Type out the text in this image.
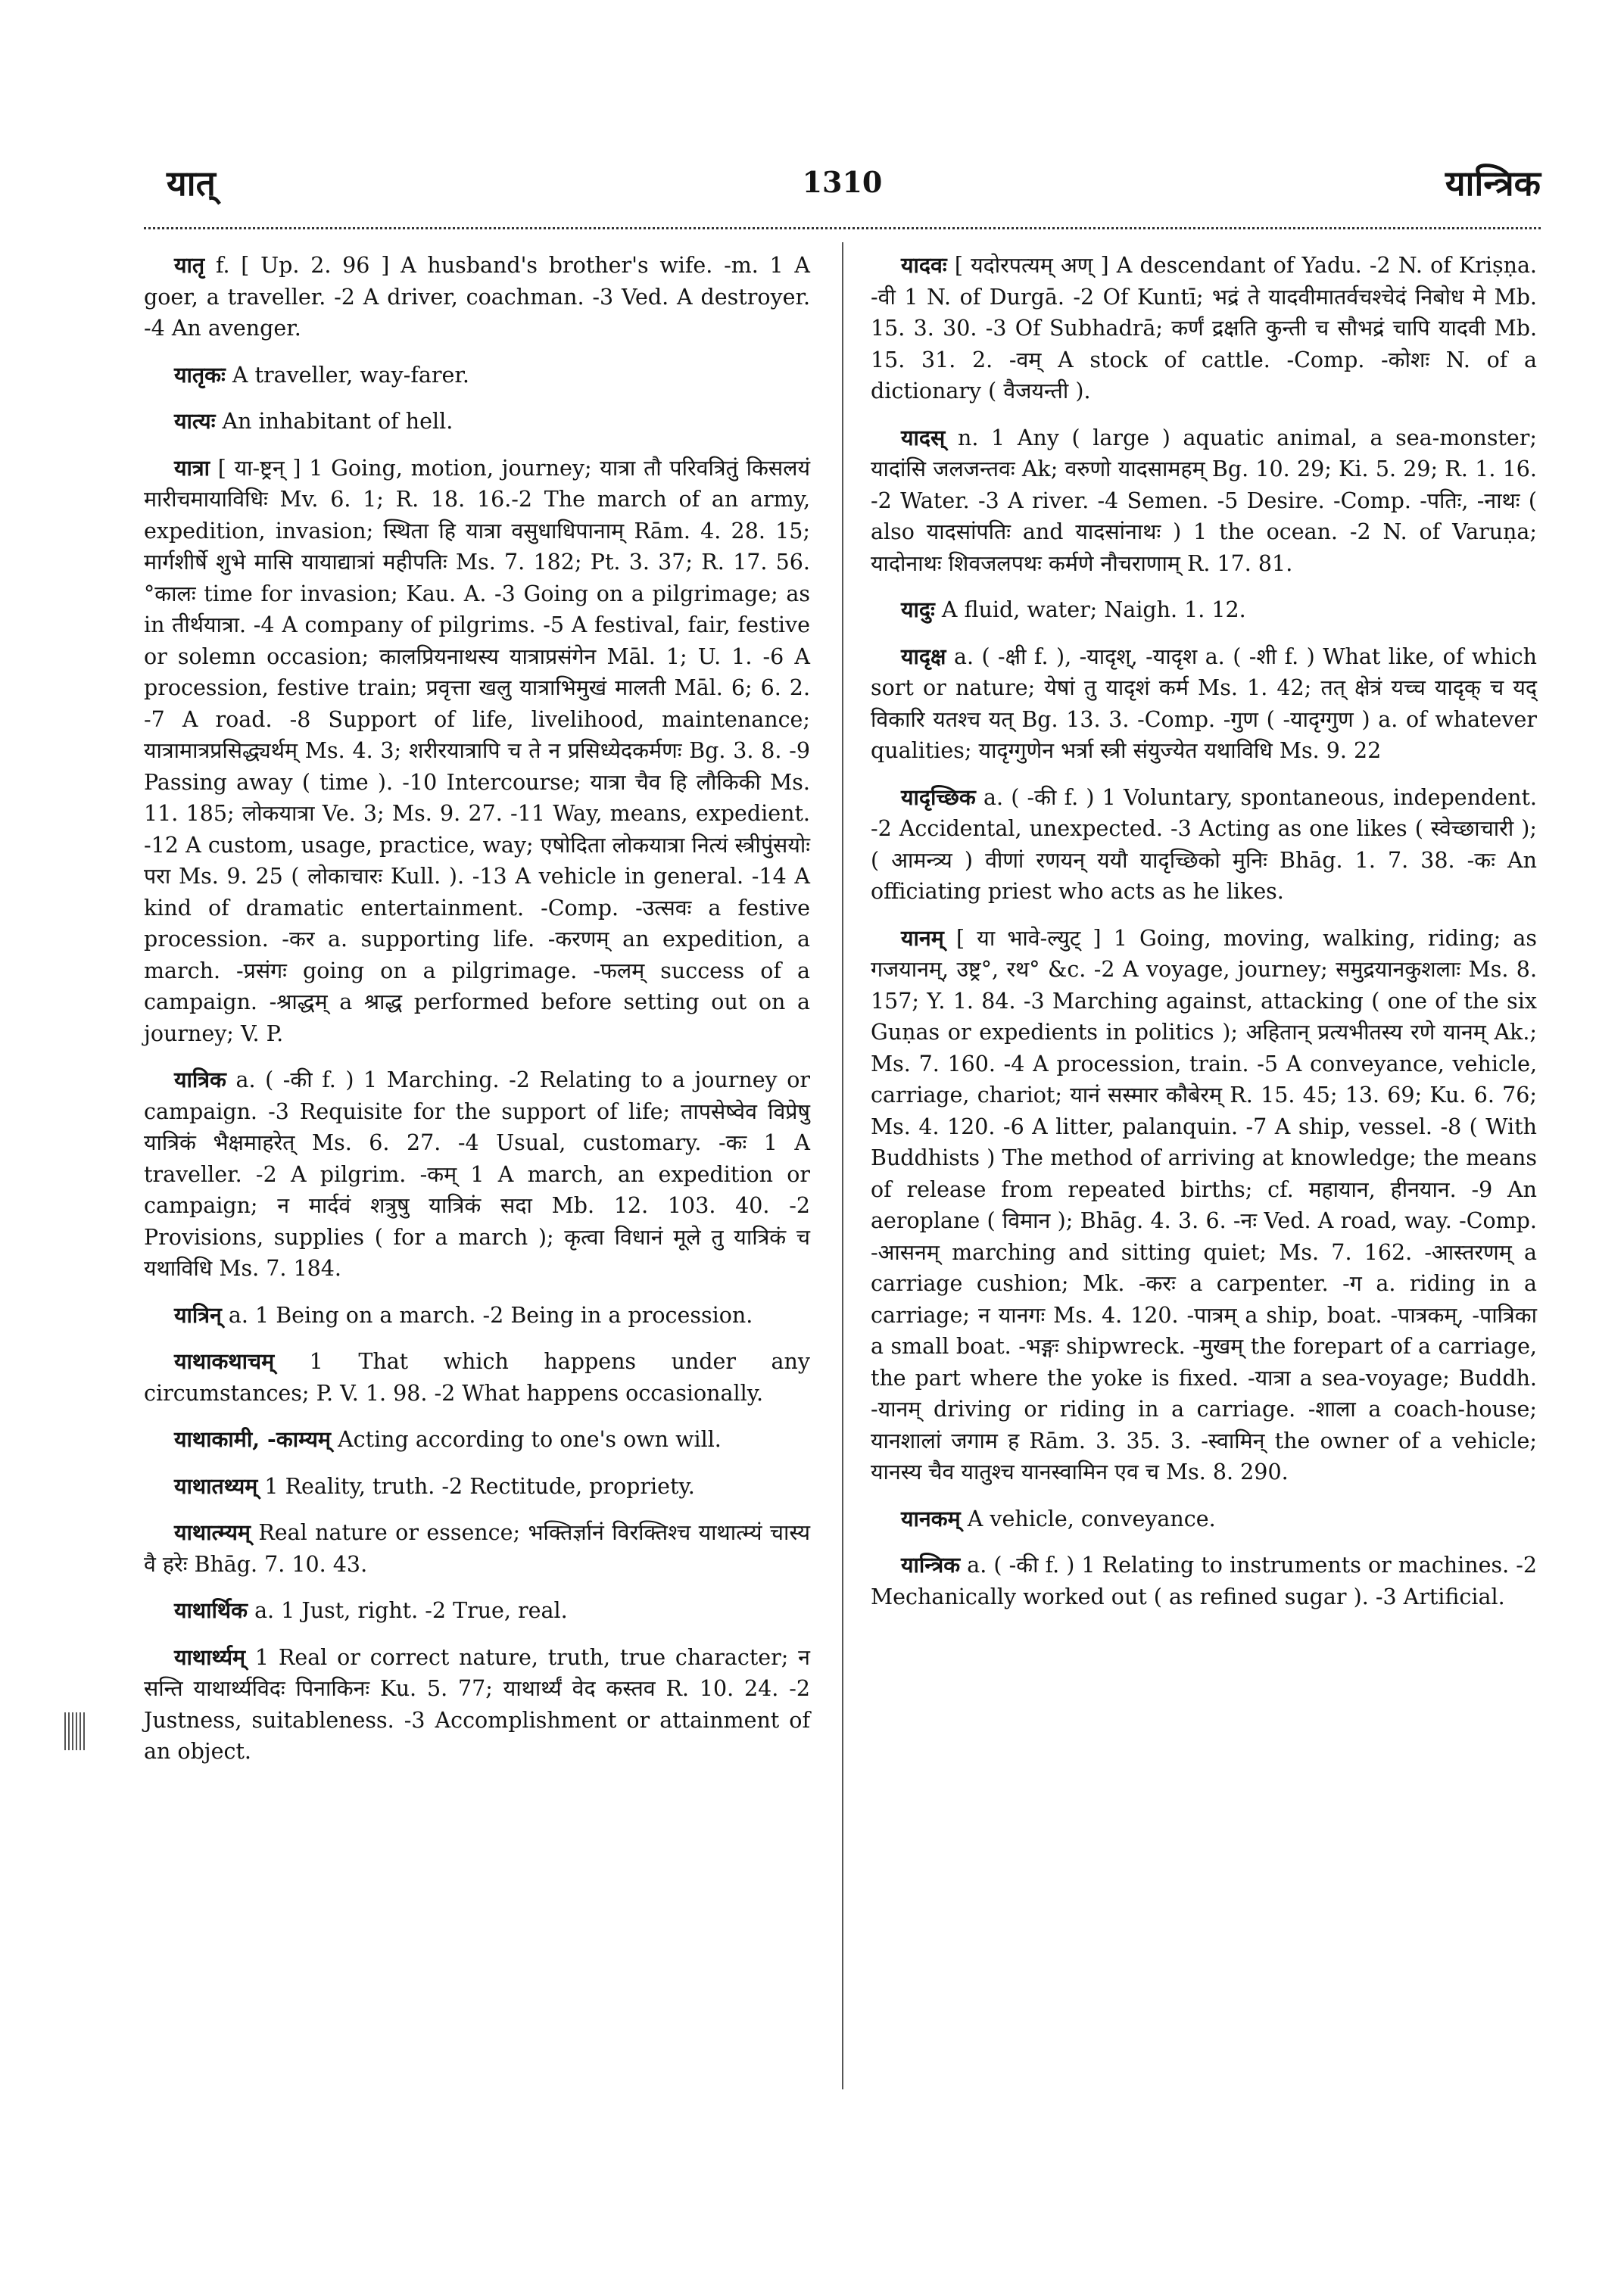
यात्	1310	यान्त्रिक

यातृ f. [ Up. 2. 96 ] A husband's brother's wife. -m. 1 A goer, a traveller. -2 A driver, coachman. -3 Ved. A destroyer. -4 An avenger.

यातृकः A traveller, way-farer.

यात्यः An inhabitant of hell.

यात्रा [ या-ष्ट्रन् ] 1 Going, motion, journey; यात्रा तौ परिवत्रितुं किसलयं मारीचमायाविधिः Mv. 6. 1; R. 18. 16.-2 The march of an army, expedition, invasion; स्थिता हि यात्रा वसुधाधिपानाम् Rām. 4. 28. 15; मार्गशीर्षे शुभे मासि यायाद्यात्रां महीपतिः Ms. 7. 182; Pt. 3. 37; R. 17. 56. °कालः time for invasion; Kau. A. -3 Going on a pilgrimage; as in तीर्थयात्रा. -4 A company of pilgrims. -5 A festival, fair, festive or solemn occasion; कालप्रियनाथस्य यात्राप्रसंगेन Māl. 1; U. 1. -6 A procession, festive train; प्रवृत्ता खलु यात्राभिमुखं मालती Māl. 6; 6. 2. -7 A road. -8 Support of life, livelihood, maintenance; यात्रामात्रप्रसिद्ध्यर्थम् Ms. 4. 3; शरीरयात्रापि च ते न प्रसिध्येदकर्मणः Bg. 3. 8. -9 Passing away ( time ). -10 Intercourse; यात्रा चैव हि लौकिकी Ms. 11. 185; लोकयात्रा Ve. 3; Ms. 9. 27. -11 Way, means, expedient. -12 A custom, usage, practice, way; एषोदिता लोकयात्रा नित्यं स्त्रीपुंसयोः परा Ms. 9. 25 ( लोकाचारः Kull. ). -13 A vehicle in general. -14 A kind of dramatic entertainment. -Comp. -उत्सवः a festive procession. -कर a. supporting life. -करणम् an expedition, a march. -प्रसंगः going on a pilgrimage. -फलम् success of a campaign. -श्राद्धम् a श्राद्ध performed before setting out on a journey; V. P.

यात्रिक a. ( -की f. ) 1 Marching. -2 Relating to a journey or campaign. -3 Requisite for the support of life; तापसेष्वेव विप्रेषु यात्रिकं भैक्षमाहरेत् Ms. 6. 27. -4 Usual, customary. -कः 1 A traveller. -2 A pilgrim. -कम् 1 A march, an expedition or campaign; न मार्दवं शत्रुषु यात्रिकं सदा Mb. 12. 103. 40. -2 Provisions, supplies ( for a march ); कृत्वा विधानं मूले तु यात्रिकं च यथाविधि Ms. 7. 184.

यात्रिन् a. 1 Being on a march. -2 Being in a procession.

याथाकथाचम् 1 That which happens under any circumstances; P. V. 1. 98. -2 What happens occasionally.

याथाकामी, -काम्यम् Acting according to one's own will.

याथातथ्यम् 1 Reality, truth. -2 Rectitude, propriety.

याथात्म्यम् Real nature or essence; भक्तिर्ज्ञानं विरक्तिश्च याथात्म्यं चास्य वै हरेः Bhāg. 7. 10. 43.

याथार्थिक a. 1 Just, right. -2 True, real.

याथार्थ्यम् 1 Real or correct nature, truth, true character; न सन्ति याथार्थ्यविदः पिनाकिनः Ku. 5. 77; याथार्थ्यं वेद कस्तव R. 10. 24. -2 Justness, suitableness. -3 Accomplishment or attainment of an object.

यादवः [ यदोरपत्यम् अण् ] A descendant of Yadu. -2 N. of Kriṣṇa. -वी 1 N. of Durgā. -2 Of Kuntī; भद्रं ते यादवीमातर्वचश्चेदं निबोध मे Mb. 15. 3. 30. -3 Of Subhadrā; कर्णं द्रक्षति कुन्ती च सौभद्रं चापि यादवी Mb. 15. 31. 2. -वम् A stock of cattle. -Comp. -कोशः N. of a dictionary ( वैजयन्ती ).

यादस् n. 1 Any ( large ) aquatic animal, a sea-monster; यादांसि जलजन्तवः Ak; वरुणो यादसामहम् Bg. 10. 29; Ki. 5. 29; R. 1. 16. -2 Water. -3 A river. -4 Semen. -5 Desire. -Comp. -पतिः, -नाथः ( also यादसांपतिः and यादसांनाथः ) 1 the ocean. -2 N. of Varuṇa; यादोनाथः शिवजलपथः कर्मणे नौचराणाम् R. 17. 81.

यादुः A fluid, water; Naigh. 1. 12.

यादृक्ष a. ( -क्षी f. ), -यादृश्, -यादृश a. ( -शी f. ) What like, of which sort or nature; येषां तु यादृशं कर्म Ms. 1. 42; तत् क्षेत्रं यच्च यादृक् च यद् विकारि यतश्च यत् Bg. 13. 3. -Comp. -गुण ( -यादृग्गुण ) a. of whatever qualities; यादृग्गुणेन भर्त्रा स्त्री संयुज्येत यथाविधि Ms. 9. 22

यादृच्छिक a. ( -की f. ) 1 Voluntary, spontaneous, independent. -2 Accidental, unexpected. -3 Acting as one likes ( स्वेच्छाचारी ); ( आमन्त्र्य ) वीणां रणयन् ययौ यादृच्छिको मुनिः Bhāg. 1. 7. 38. -कः An officiating priest who acts as he likes.

यानम् [ या भावे-ल्युट् ] 1 Going, moving, walking, riding; as गजयानम्, उष्ट्र°, रथ° &c. -2 A voyage, journey; समुद्रयानकुशलाः Ms. 8. 157; Y. 1. 84. -3 Marching against, attacking ( one of the six Guṇas or expedients in politics ); अहितान् प्रत्यभीतस्य रणे यानम् Ak.; Ms. 7. 160. -4 A procession, train. -5 A conveyance, vehicle, carriage, chariot; यानं सस्मार कौबेरम् R. 15. 45; 13. 69; Ku. 6. 76; Ms. 4. 120. -6 A litter, palanquin. -7 A ship, vessel. -8 ( With Buddhists ) The method of arriving at knowledge; the means of release from repeated births; cf. महायान, हीनयान. -9 An aeroplane ( विमान ); Bhāg. 4. 3. 6. -नः Ved. A road, way. -Comp. -आसनम् marching and sitting quiet; Ms. 7. 162. -आस्तरणम् a carriage cushion; Mk. -करः a carpenter. -ग a. riding in a carriage; न यानगः Ms. 4. 120. -पात्रम् a ship, boat. -पात्रकम्, -पात्रिका a small boat. -भङ्गः shipwreck. -मुखम् the forepart of a carriage, the part where the yoke is fixed. -यात्रा a sea-voyage; Buddh. -यानम् driving or riding in a carriage. -शाला a coach-house; यानशालां जगाम ह Rām. 3. 35. 3. -स्वामिन् the owner of a vehicle; यानस्य चैव यातुश्च यानस्वामिन एव च Ms. 8. 290.

यानकम् A vehicle, conveyance.

यान्त्रिक a. ( -की f. ) 1 Relating to instruments or machines. -2 Mechanically worked out ( as refined sugar ). -3 Artificial.
